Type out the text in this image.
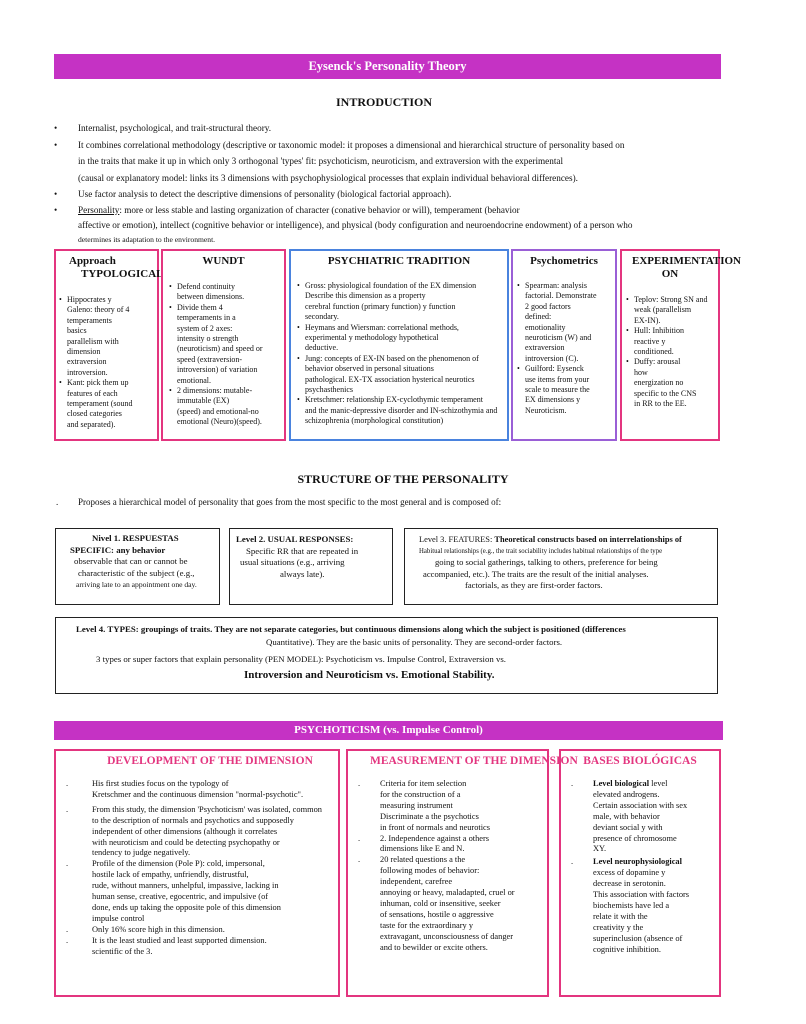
Eysenck's Personality Theory
INTRODUCTION
• Internalist, psychological, and trait-structural theory.
• It combines correlational methodology (descriptive or taxonomic model: it proposes a dimensional and hierarchical structure of personality based on
in the traits that make it up in which only 3 orthogonal 'types' fit: psychoticism, neuroticism, and extraversion with the experimental
(causal or explanatory model: links its 3 dimensions with psychophysiological processes that explain individual behavioral differences).
• Use factor analysis to detect the descriptive dimensions of personality (biological factorial approach).
• Personality: more or less stable and lasting organization of character (conative behavior or will), temperament (behavior
affective or emotion), intellect (cognitive behavior or intelligence), and physical (body configuration and neuroendocrine endowment) of a person who
determines its adaptation to the environment.
Approach
TYPOLOGICAL
• Hippocrates y
Galeno: theory of 4
temperaments
basics
parallelism with
dimension
extraversion
introversion.
• Kant: pick them up
features of each
temperament (sound
closed categories
and separated).
WUNDT
• Defend continuity
between dimensions.
• Divide them 4
temperaments in a
system of 2 axes:
intensity o strength
(neuroticism) and speed or
speed (extraversion-
introversion) of variation
emotional.
• 2 dimensions: mutable-
immutable (EX)
(speed) and emotional-no
emotional (Neuro)(speed).
PSYCHIATRIC TRADITION
• Gross: physiological foundation of the EX dimension
Describe this dimension as a property
cerebral function (primary function) y function
secondary.
• Heymans and Wiersman: correlational methods,
experimental y methodology hypothetical
deductive.
• Jung: concepts of EX-IN based on the phenomenon of
behavior observed in personal situations
pathological. EX-TX association hysterical neurotics
psychasthenics
• Kretschmer: relationship EX-cyclothymic temperament
and the manic-depressive disorder and IN-schizothymia and
schizophrenia (morphological constitution)
Psychometrics
• Spearman: analysis
factorial. Demonstrate
2 good factors
defined:
emotionality
neuroticism (W) and
extraversion
introversion (C).
• Guilford: Eysenck
use items from your
scale to measure the
EX dimensions y
Neuroticism.
EXPERIMENTATION
ON
• Teplov: Strong SN and
weak (parallelism
EX-IN).
• Hull: Inhibition
reactive y
conditioned.
• Duffy: arousal
how
energization no
specific to the CNS
in RR to the EE.
STRUCTURE OF THE PERSONALITY
. Proposes a hierarchical model of personality that goes from the most specific to the most general and is composed of:
Nivel 1. RESPUESTAS
SPECIFIC: any behavior
observable that can or cannot be
characteristic of the subject (e.g.,
arriving late to an appointment one day.
Level 2. USUAL RESPONSES:
Specific RR that are repeated in
usual situations (e.g., arriving
always late).
Level 3. FEATURES: Theoretical constructs based on interrelationships of
Habitual relationships (e.g., the trait sociability includes habitual relationships of the type
going to social gatherings, talking to others, preference for being
accompanied, etc.). The traits are the result of the initial analyses.
factorials, as they are first-order factors.
Level 4. TYPES: groupings of traits. They are not separate categories, but continuous dimensions along which the subject is positioned (differences
Quantitative). They are the basic units of personality. They are second-order factors.
3 types or super factors that explain personality (PEN MODEL): Psychoticism vs. Impulse Control, Extraversion vs.
Introversion and Neuroticism vs. Emotional Stability.
PSYCHOTICISM (vs. Impulse Control)
DEVELOPMENT OF THE DIMENSION
.	His first studies focus on the typology of
Kretschmer and the continuous dimension "normal-psychotic".
.	From this study, the dimension 'Psychoticism' was isolated, common
to the description of normals and psychotics and supposedly
independent of other dimensions (although it correlates
with neuroticism and could be detecting psychopathy or
tendency to judge negatively.
.	Profile of the dimension (Pole P): cold, impersonal,
hostile lack of empathy, unfriendly, distrustful,
rude, without manners, unhelpful, impassive, lacking in
human sense, creative, egocentric, and impulsive (of
done, ends up taking the opposite pole of this dimension
impulse control
.	Only 16% score high in this dimension.
.	It is the least studied and least supported dimension.
scientific of the 3.
MEASUREMENT OF THE DIMENSION
. Criteria for item selection
for the construction of a
measuring instrument
Discriminate a the psychotics
in front of normals and neurotics
. 2. Independence against a others
dimensions like E and N.
. 20 related questions a the
following modes of behavior:
independent, carefree
annoying or heavy, maladapted, cruel or
inhuman, cold or insensitive, seeker
of sensations, hostile o aggressive
taste for the extraordinary y
extravagant, unconsciousness of danger
and to bewilder or excite others.
BASES BIOLÓGICAS
. Level biological level
elevated androgens.
Certain association with sex
male, with behavior
deviant social y with
presence of chromosome
XY.
. Level neurophysiological
excess of dopamine y
decrease in serotonin.
This association with factors
biochemists have led a
relate it with the
creativity y the
superinclusion (absence of
cognitive inhibition.
